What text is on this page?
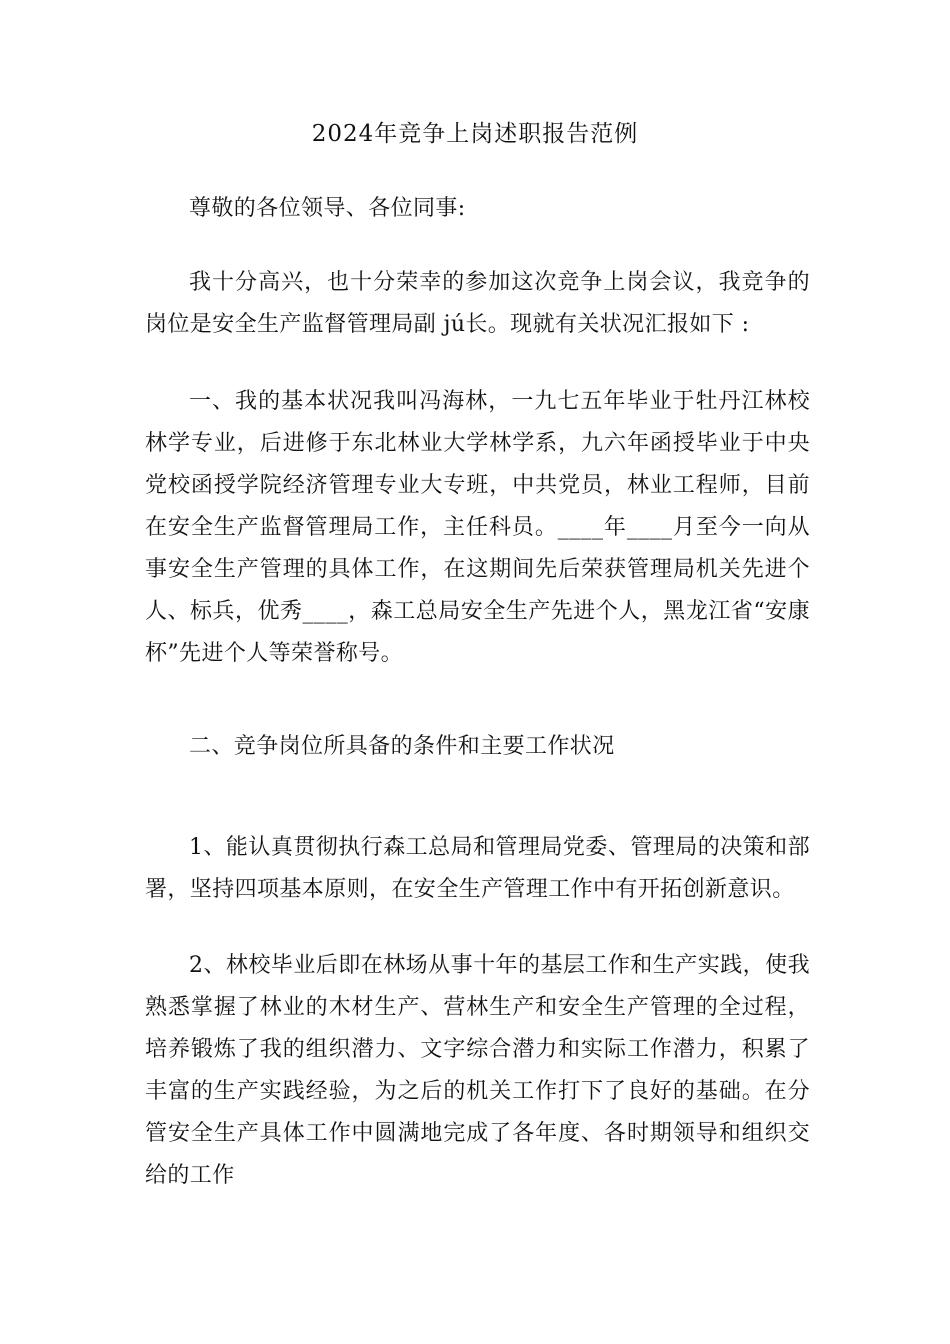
2024年竞争上岗述职报告范例

尊敬的各位领导、各位同事:

我十分高兴，也十分荣幸的参加这次竞争上岗会议，我竞争的岗位是安全生产监督管理局副 jú长。现就有关状况汇报如下 :

一、我的基本状况我叫冯海林，一九七五年毕业于牡丹江林校林学专业，后进修于东北林业大学林学系，九六年函授毕业于中央党校函授学院经济管理专业大专班，中共党员，林业工程师，目前在安全生产监督管理局工作，主任科员。____年____月至今一向从事安全生产管理的具体工作，在这期间先后荣获管理局机关先进个人、标兵，优秀____，森工总局安全生产先进个人，黑龙江省“安康杯”先进个人等荣誉称号。

二、竞争岗位所具备的条件和主要工作状况

1、能认真贯彻执行森工总局和管理局党委、管理局的决策和部署，坚持四项基本原则，在安全生产管理工作中有开拓创新意识。

2、林校毕业后即在林场从事十年的基层工作和生产实践，使我熟悉掌握了林业的木材生产、营林生产和安全生产管理的全过程，培养锻炼了我的组织潜力、文字综合潜力和实际工作潜力，积累了丰富的生产实践经验，为之后的机关工作打下了良好的基础。在分管安全生产具体工作中圆满地完成了各年度、各时期领导和组织交给的工作
